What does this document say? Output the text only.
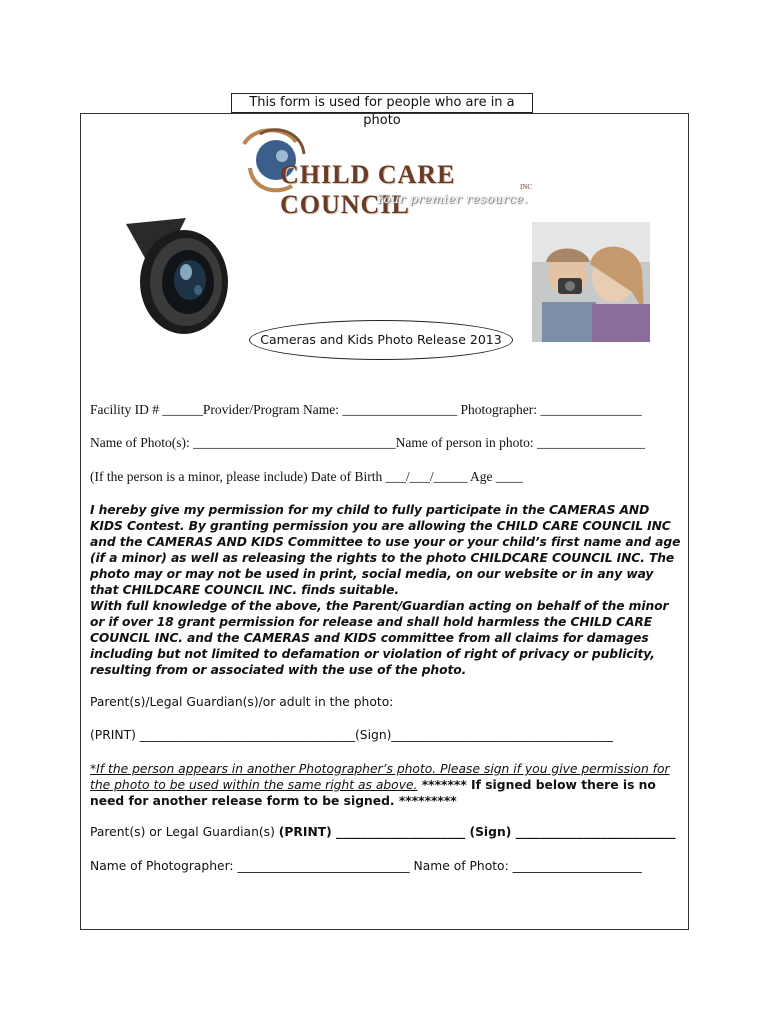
This form is used for people who are in a photo
CHILD CARE COUNCIL
INC
Your premier resource.
Cameras and Kids Photo Release 2013
Facility ID # ______Provider/Program Name: _________________ Photographer: _______________
Name of Photo(s): ______________________________Name of person in photo: ________________
(If the person is a minor, please include) Date of Birth ___/___/_____ Age ____
I hereby give my permission for my child to fully participate in the CAMERAS AND KIDS Contest. By granting permission you are allowing the CHILD CARE COUNCIL INC and the CAMERAS AND KIDS Committee to use your or your child’s first name and age (if a minor) as well as releasing the rights to the photo CHILDCARE COUNCIL INC. The photo may or may not be used in print, social media, on our website or in any way that CHILDCARE COUNCIL INC. finds suitable.
With full knowledge of the above, the Parent/Guardian acting on behalf of the minor or if over 18 grant permission for release and shall hold harmless the CHILD CARE COUNCIL INC. and the CAMERAS and KIDS committee from all claims for damages including but not limited to defamation or violation of right of privacy or publicity, resulting from or associated with the use of the photo.
Parent(s)/Legal Guardian(s)/or adult in the photo:
(PRINT) ___________________________________(Sign)____________________________________
*If the person appears in another Photographer’s photo. Please sign if you give permission for the photo to be used within the same right as above. ******* If signed below there is no need for another release form to be signed. *********
Parent(s) or Legal Guardian(s) (PRINT) _____________________ (Sign) __________________________
Name of Photographer: ____________________________ Name of Photo: _____________________
